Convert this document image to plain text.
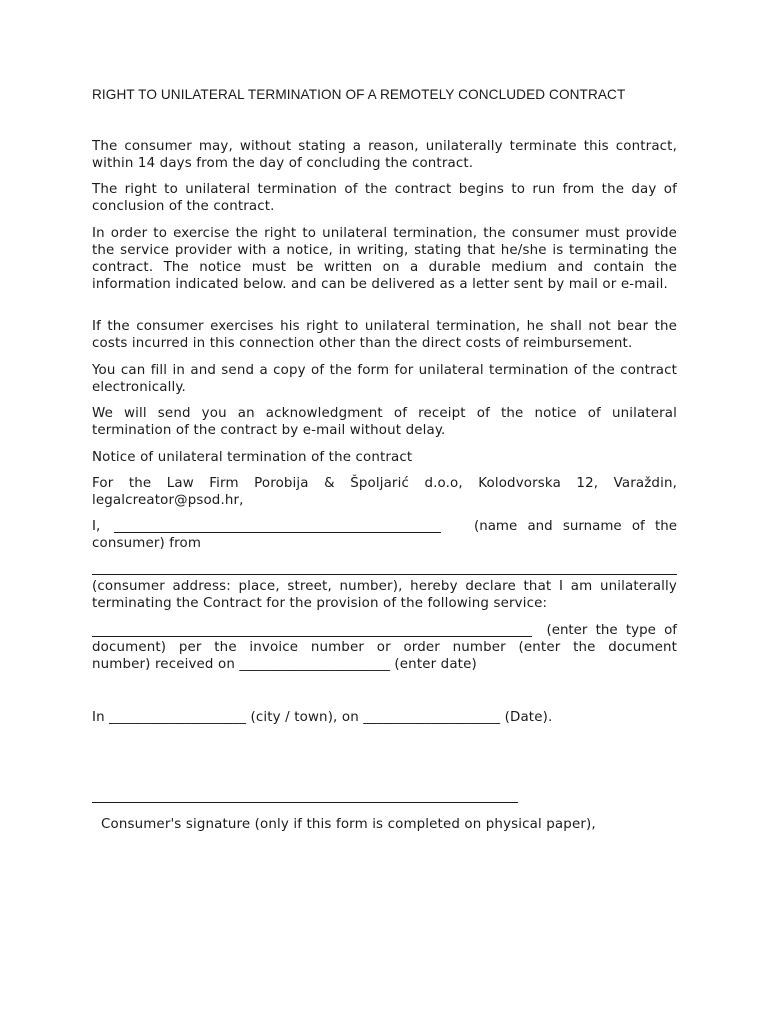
RIGHT TO UNILATERAL TERMINATION OF A REMOTELY CONCLUDED CONTRACT

The consumer may, without stating a reason, unilaterally terminate this contract, within 14 days from the day of concluding the contract.

The right to unilateral termination of the contract begins to run from the day of conclusion of the contract.

In order to exercise the right to unilateral termination, the consumer must provide the service provider with a notice, in writing, stating that he/she is terminating the contract. The notice must be written on a durable medium and contain the information indicated below. and can be delivered as a letter sent by mail or e-mail.

If the consumer exercises his right to unilateral termination, he shall not bear the costs incurred in this connection other than the direct costs of reimbursement.

You can fill in and send a copy of the form for unilateral termination of the contract electronically.

We will send you an acknowledgment of receipt of the notice of unilateral termination of the contract by e-mail without delay.

Notice of unilateral termination of the contract

For the Law Firm Porobija & Špoljarić d.o.o, Kolodvorska 12, Varaždin,

legalcreator@psod.hr,

I,	(name and surname of the

consumer) from

(consumer address: place, street, number), hereby declare that I am unilaterally terminating the Contract for the provision of the following service:

(enter the type of

document) per the invoice number or order number (enter the document

number) received on ______________________ (enter date)
In ____________________ (city / town), on ____________________ (Date).

Consumer's signature (only if this form is completed on physical paper),
